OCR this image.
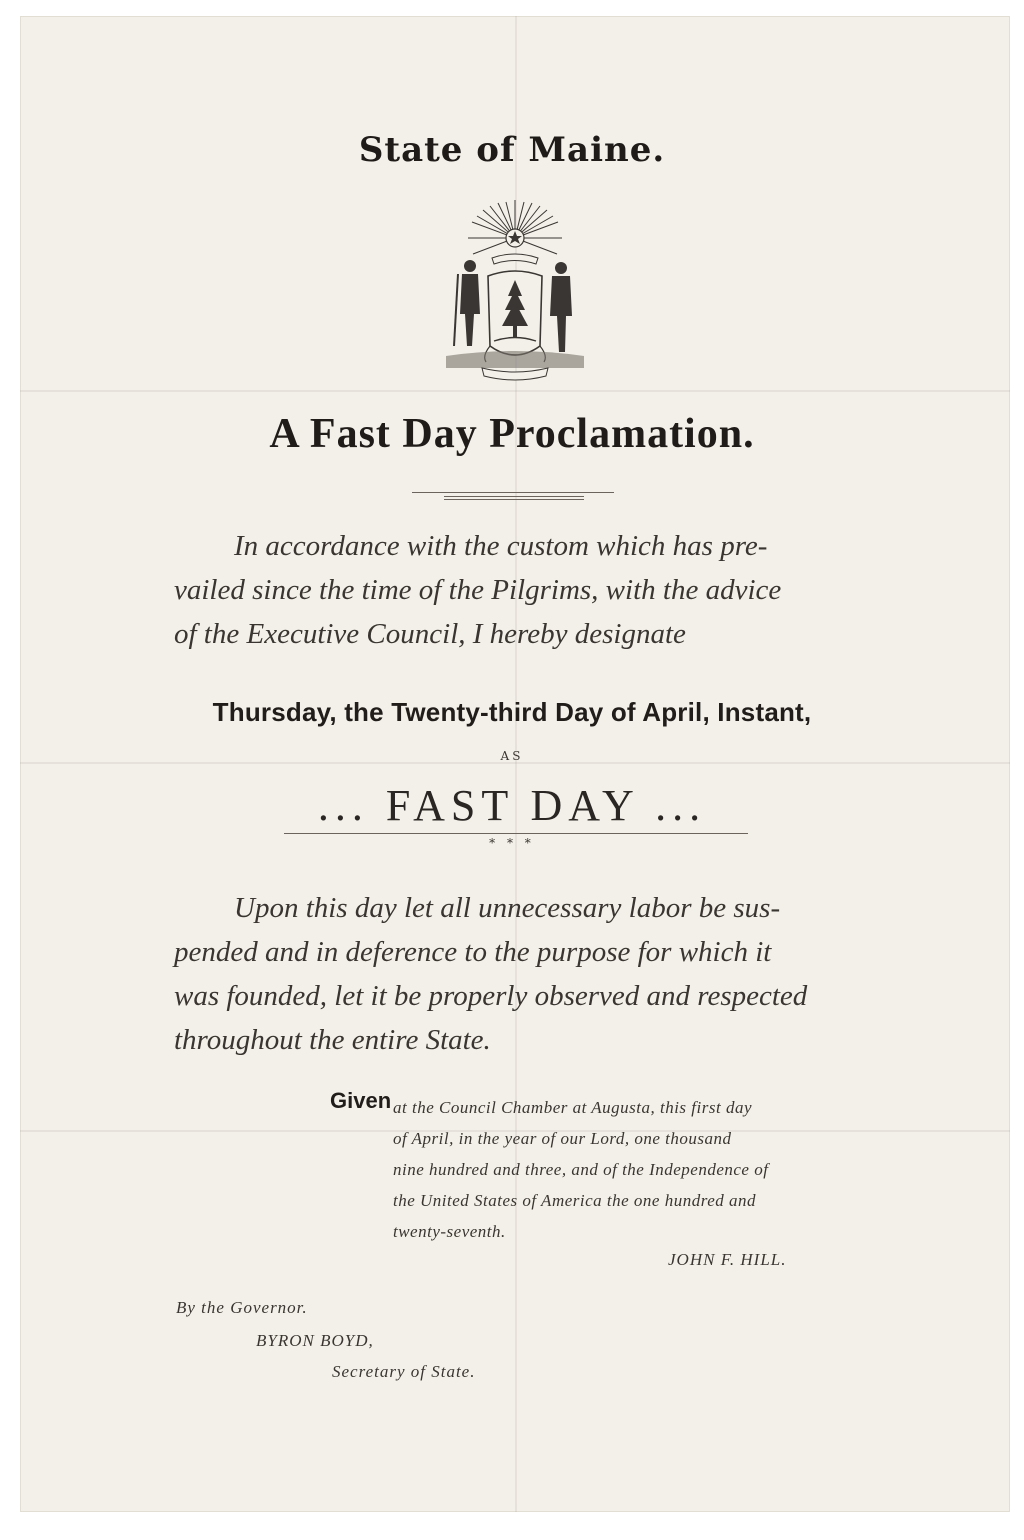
State of Maine.
A Fast Day Proclamation.
In accordance with the custom which has pre-
vailed since the time of the Pilgrims, with the advice
of the Executive Council, I hereby designate
Thursday, the Twenty-third Day of April, Instant,
AS
... FAST DAY ...
* * *
Upon this day let all unnecessary labor be sus-
pended and in deference to the purpose for which it
was founded, let it be properly observed and respected
throughout the entire State.
Given at the Council Chamber at Augusta, this first day
of April, in the year of our Lord, one thousand
nine hundred and three, and of the Independence of
the United States of America the one hundred and
twenty-seventh.
JOHN F. HILL.
By the Governor.
BYRON BOYD,
Secretary of State.
